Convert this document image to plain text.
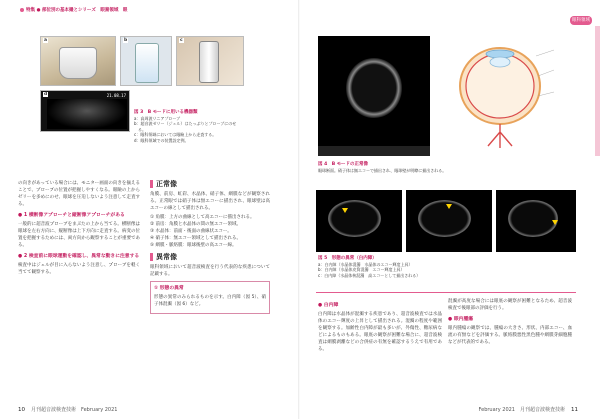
特集 ● 部位別の基本撮とシリーズ　眼窩領域　眼
a	b	c
21.08.17
d
図 3　B モードに用いる機器類
a：高周波リニアプローブ
b：超音波ゼリー（ジェル）はたっぷりとプローブにのせ
　る。
c：眼科領域においては眼瞼上から走査する。
d：眼科領域での装置設定例。

の向きがあっている場合には、モニター画面の向きを揃えることで、プローブの位置が把握しやすくなる。眼瞼の上からゼリーを多めにのせ、眼球を圧迫しないよう注意して走査する。

● 1 横断像アプローチと縦断像アプローチがある

一般的に超音波プローブをまぶたの上から当てる。横断像は眼球を左右方向に、縦断像は上下方向に走査する。病変の位置を把握するためには、両方向から観察することが重要である。

● 2 検査前に眼球運動を確認し、異常な動きに注意する

検査中はジェルが目に入らないよう注意し、プローブを軽く当てて観察する。

正常像

角膜、前房、虹彩、水晶体、硝子体、網膜などが観察される。正常眼では硝子体は無エコーに描出され、眼球壁は高エコーの線として描出される。

① 角膜：上方の曲線として高エコーに描出される。
② 前房：角膜と水晶体の間の無エコー領域。
③ 水晶体：前面・後面の曲線状エコー。
④ 硝子体：無エコー領域として描出される。
⑤ 網膜・脈絡膜：眼球後壁の高エコー線。

異常像

眼科領域において超音波検査を行う代表的な疾患について記載する。

① 形態の異常

形態の異常のみられるものを示す。白内障（図 5）、硝子体混濁（図 6）など。

10 月刊超音波検査技術　February 2021
眼科領域
図 4　B モードの正常像
眼球断面。硝子体は無エコーで描出され、眼球壁が明瞭に描出される。
図 5　形態の異常（白内障）
a：白内障（水晶体混濁　水晶体のエコー輝度上昇）
b：白内障（水晶体皮質混濁　エコー輝度上昇）
c：白内障（水晶体核混濁　高エコーとして描出される）
● 白内障

白内障は水晶体が混濁する疾患であり、超音波検査では水晶体のエコー輝度の上昇として描出される。混濁の程度や範囲を観察する。加齢性白内障が最も多いが、外傷性、糖尿病などによるものもある。眼底の観察が困難な場合に、超音波検査は網膜剥離などの合併症の有無を確認するうえで有用である。

混濁が高度な場合には眼底の観察が困難となるため、超音波検査で後眼部の評価を行う。

● 眼内腫瘍

眼内腫瘍の観察では、腫瘍の大きさ、形状、内部エコー、血流の有無などを評価する。脈絡膜悪性黒色腫や網膜芽細胞腫などが代表的である。

February 2021　月刊超音波検査技術 11
